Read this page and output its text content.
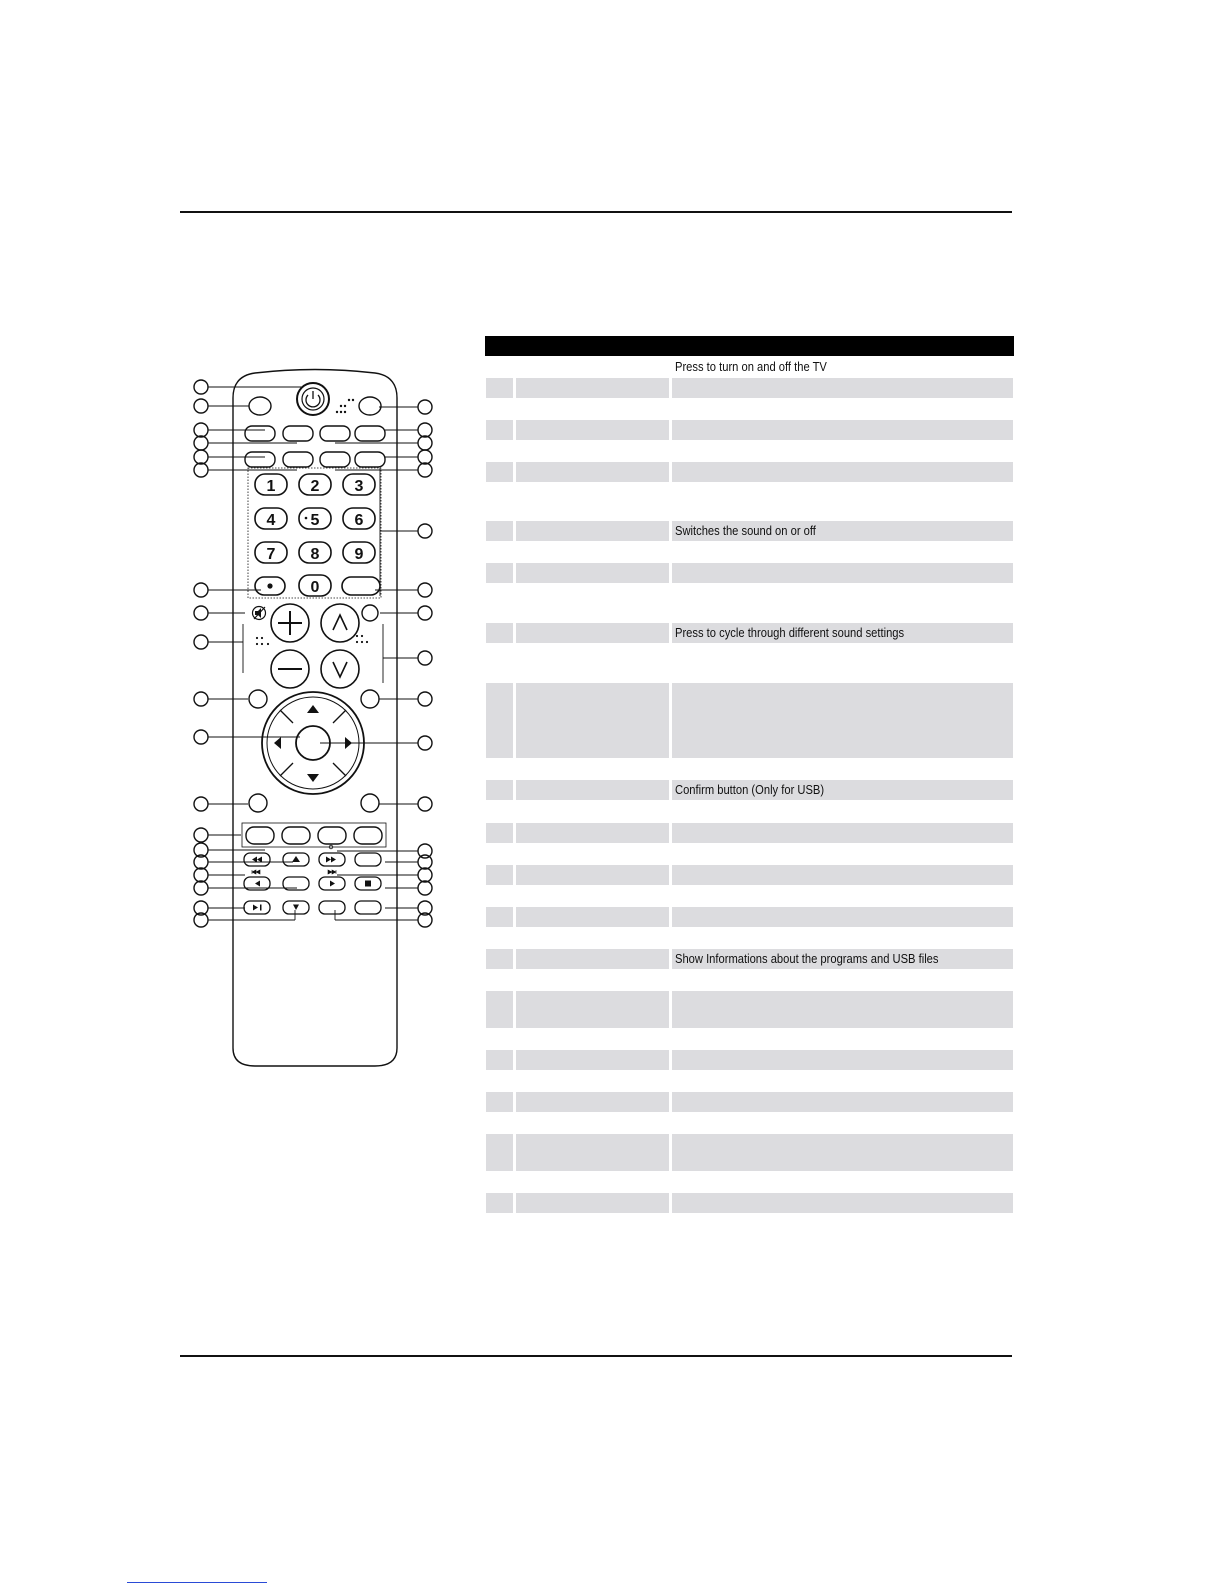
1 2 3
4 5 6
7 8 9
0
Press to turn on and off the TV
Switches the sound on or off
Press to cycle through different sound settings
Confirm button (Only for USB)
Show Informations about the programs and USB files
